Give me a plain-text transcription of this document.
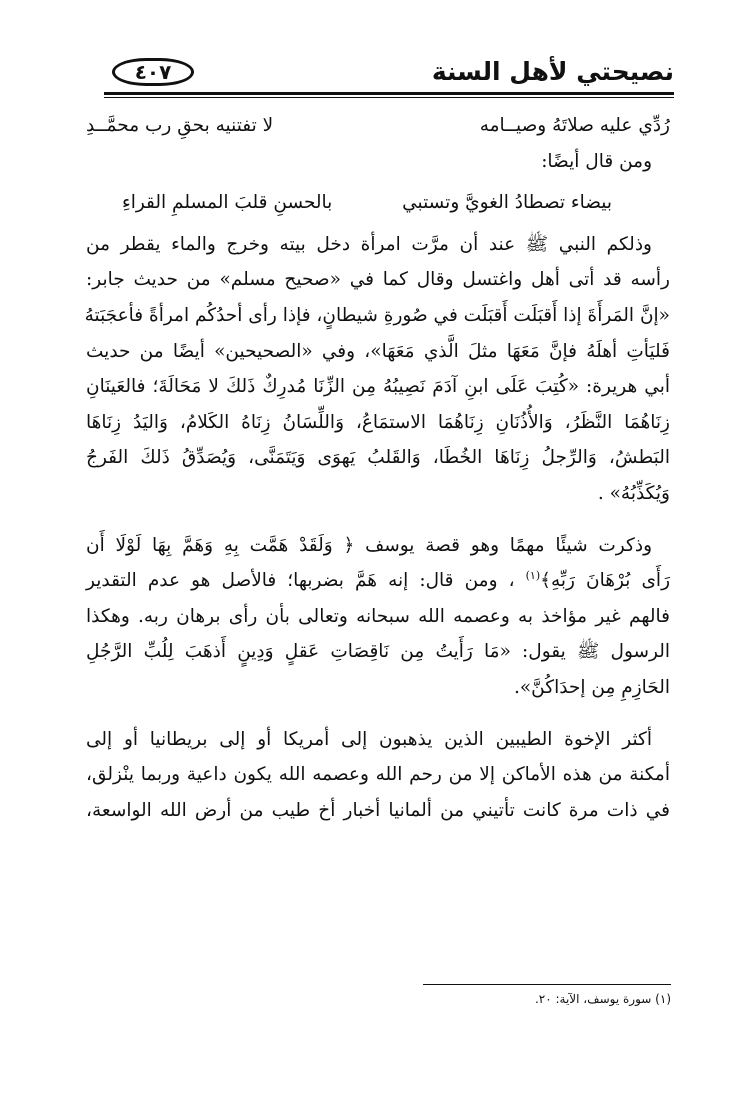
نصيحتي لأهل السنة
٤٠٧
رُدِّي عليه صلاتَهُ وصيــامه
لا تفتنيه بحقِ رب محمَّــدِ
ومن قال أيضًا:
بيضاء تصطادُ الغويَّ وتستبي
بالحسنِ قلبَ المسلمِ القراءِ
وذلكم النبي ﷺ عند أن مرَّت امرأة دخل بيته وخرج والماء يقطر من
رأسه قد أتى أهل واغتسل وقال كما في «صحيح مسلم» من حديث جابر:
«إنَّ المَرأَةَ إذا أَقبَلَت أَقبَلَت في صُورةِ شيطانٍ، فإذا رأى أحدُكُم امرأةً فأعجَبَتهُ
فَليَأتِ أهلَهُ فإنَّ مَعَهَا مثلَ الَّذي مَعَهَا»، وفي «الصحيحين» أيضًا من حديث
أبي هريرة: «كُتِبَ عَلَى ابنِ آدَمَ نَصِيبُهُ مِن الزِّنَا مُدرِكٌ ذَلكَ لا مَحَالَةَ؛ فالعَينَانِ
زِنَاهُمَا النَّظَرُ، وَالأُذُنَانِ زِنَاهُمَا الاستمَاعُ، وَاللِّسَانُ زِنَاهُ الكَلامُ، وَاليَدُ زِنَاهَا
البَطشُ، وَالرِّجلُ زِنَاهَا الخُطَا، وَالقَلبُ يَهوَى وَيَتَمَنَّى، وَيُصَدِّقُ ذَلكَ الفَرجُ
وَيُكَذِّبُهُ» .
وذكرت شيئًا مهمًا وهو قصة يوسف ﴿ وَلَقَدْ هَمَّت بِهِ وَهَمَّ بِهَا لَوْلَا أَن
رَأَى بُرْهَانَ رَبِّهِ﴾$^{(١)}$ ، ومن قال: إنه هَمَّ بضربها؛ فالأصل هو عدم التقدير
فالهم غير مؤاخذ به وعصمه الله سبحانه وتعالى بأن رأى برهان ربه. وهكذا
الرسول ﷺ يقول: «مَا رَأَيتُ مِن نَاقِصَاتِ عَقلٍ وَدِينٍ أَذهَبَ لِلُبِّ الرَّجُلِ
الحَازِمِ مِن إحدَاكُنَّ».
أكثر الإخوة الطيبين الذين يذهبون إلى أمريكا أو إلى بريطانيا أو إلى
أمكنة من هذه الأماكن إلا من رحم الله وعصمه الله يكون داعية وربما ينْزلق،
في ذات مرة كانت تأتيني من ألمانيا أخبار أخ طيب من أرض الله الواسعة،
(١) سورة يوسف، الآية: ٢٠.
